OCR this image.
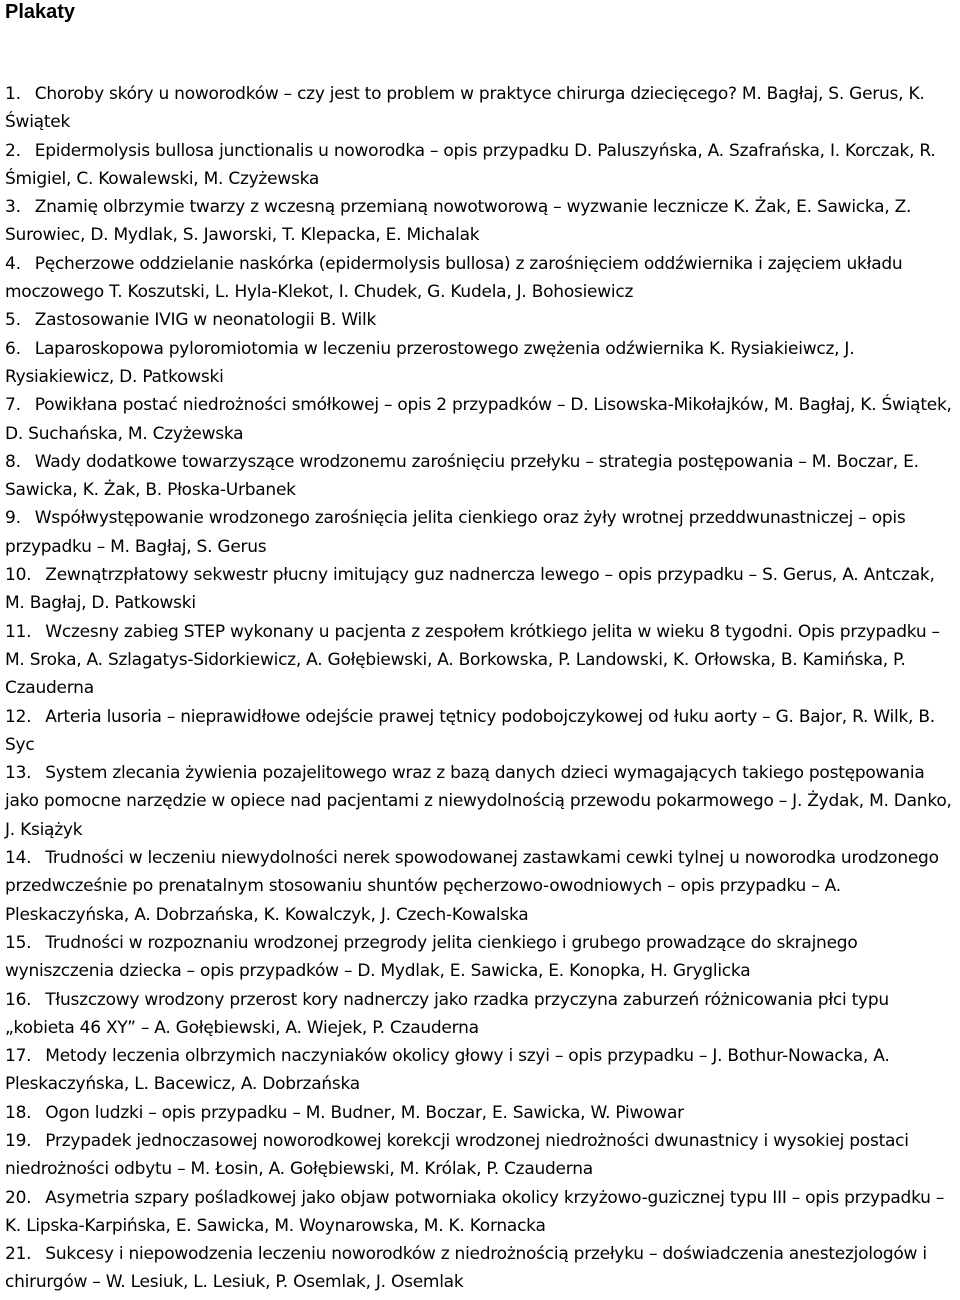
Plakaty

1. Choroby skóry u noworodków – czy jest to problem w praktyce chirurga dziecięcego? M. Bagłaj, S. Gerus, K. Świątek

2. Epidermolysis bullosa junctionalis u noworodka – opis przypadku D. Paluszyńska, A. Szafrańska, I. Korczak, R. Śmigiel, C. Kowalewski, M. Czyżewska

3. Znamię olbrzymie twarzy z wczesną przemianą nowotworową – wyzwanie lecznicze K. Żak, E. Sawicka, Z. Surowiec, D. Mydlak, S. Jaworski, T. Klepacka, E. Michalak

4. Pęcherzowe oddzielanie naskórka (epidermolysis bullosa) z zarośnięciem oddźwiernika i zajęciem układu moczowego T. Koszutski, L. Hyla-Klekot, I. Chudek, G. Kudela, J. Bohosiewicz

5. Zastosowanie IVIG w neonatologii B. Wilk

6. Laparoskopowa pyloromiotomia w leczeniu przerostowego zwężenia odźwiernika K. Rysiakieiwcz, J. Rysiakiewicz, D. Patkowski

7. Powikłana postać niedrożności smółkowej – opis 2 przypadków – D. Lisowska-Mikołajków, M. Bagłaj, K. Świątek, D. Suchańska, M. Czyżewska

8. Wady dodatkowe towarzyszące wrodzonemu zarośnięciu przełyku – strategia postępowania – M. Boczar, E. Sawicka, K. Żak, B. Płoska-Urbanek

9. Współwystępowanie wrodzonego zarośnięcia jelita cienkiego oraz żyły wrotnej przeddwunastniczej – opis przypadku – M. Bagłaj, S. Gerus

10. Zewnątrzpłatowy sekwestr płucny imitujący guz nadnercza lewego – opis przypadku – S. Gerus, A. Antczak, M. Bagłaj, D. Patkowski

11. Wczesny zabieg STEP wykonany u pacjenta z zespołem krótkiego jelita w wieku 8 tygodni. Opis przypadku – M. Sroka, A. Szlagatys-Sidorkiewicz, A. Gołębiewski, A. Borkowska, P. Landowski, K. Orłowska, B. Kamińska, P. Czauderna

12. Arteria lusoria – nieprawidłowe odejście prawej tętnicy podobojczykowej od łuku aorty – G. Bajor, R. Wilk, B. Syc

13. System zlecania żywienia pozajelitowego wraz z bazą danych dzieci wymagających takiego postępowania jako pomocne narzędzie w opiece nad pacjentami z niewydolnością przewodu pokarmowego – J. Żydak, M. Danko, J. Książyk

14. Trudności w leczeniu niewydolności nerek spowodowanej zastawkami cewki tylnej u noworodka urodzonego przedwcześnie po prenatalnym stosowaniu shuntów pęcherzowo-owodniowych – opis przypadku – A. Pleskaczyńska, A. Dobrzańska, K. Kowalczyk, J. Czech-Kowalska

15. Trudności w rozpoznaniu wrodzonej przegrody jelita cienkiego i grubego prowadzące do skrajnego wyniszczenia dziecka – opis przypadków – D. Mydlak, E. Sawicka, E. Konopka, H. Gryglicka

16. Tłuszczowy wrodzony przerost kory nadnerczy jako rzadka przyczyna zaburzeń różnicowania płci typu „kobieta 46 XY” – A. Gołębiewski, A. Wiejek, P. Czauderna

17. Metody leczenia olbrzymich naczyniaków okolicy głowy i szyi – opis przypadku – J. Bothur-Nowacka, A. Pleskaczyńska, L. Bacewicz, A. Dobrzańska

18. Ogon ludzki – opis przypadku – M. Budner, M. Boczar, E. Sawicka, W. Piwowar

19. Przypadek jednoczasowej noworodkowej korekcji wrodzonej niedrożności dwunastnicy i wysokiej postaci niedrożności odbytu – M. Łosin, A. Gołębiewski, M. Królak, P. Czauderna

20. Asymetria szpary pośladkowej jako objaw potworniaka okolicy krzyżowo-guzicznej typu III – opis przypadku – K. Lipska-Karpińska, E. Sawicka, M. Woynarowska, M. K. Kornacka

21. Sukcesy i niepowodzenia leczeniu noworodków z niedrożnością przełyku – doświadczenia anestezjologów i chirurgów – W. Lesiuk, L. Lesiuk, P. Osemlak, J. Osemlak
